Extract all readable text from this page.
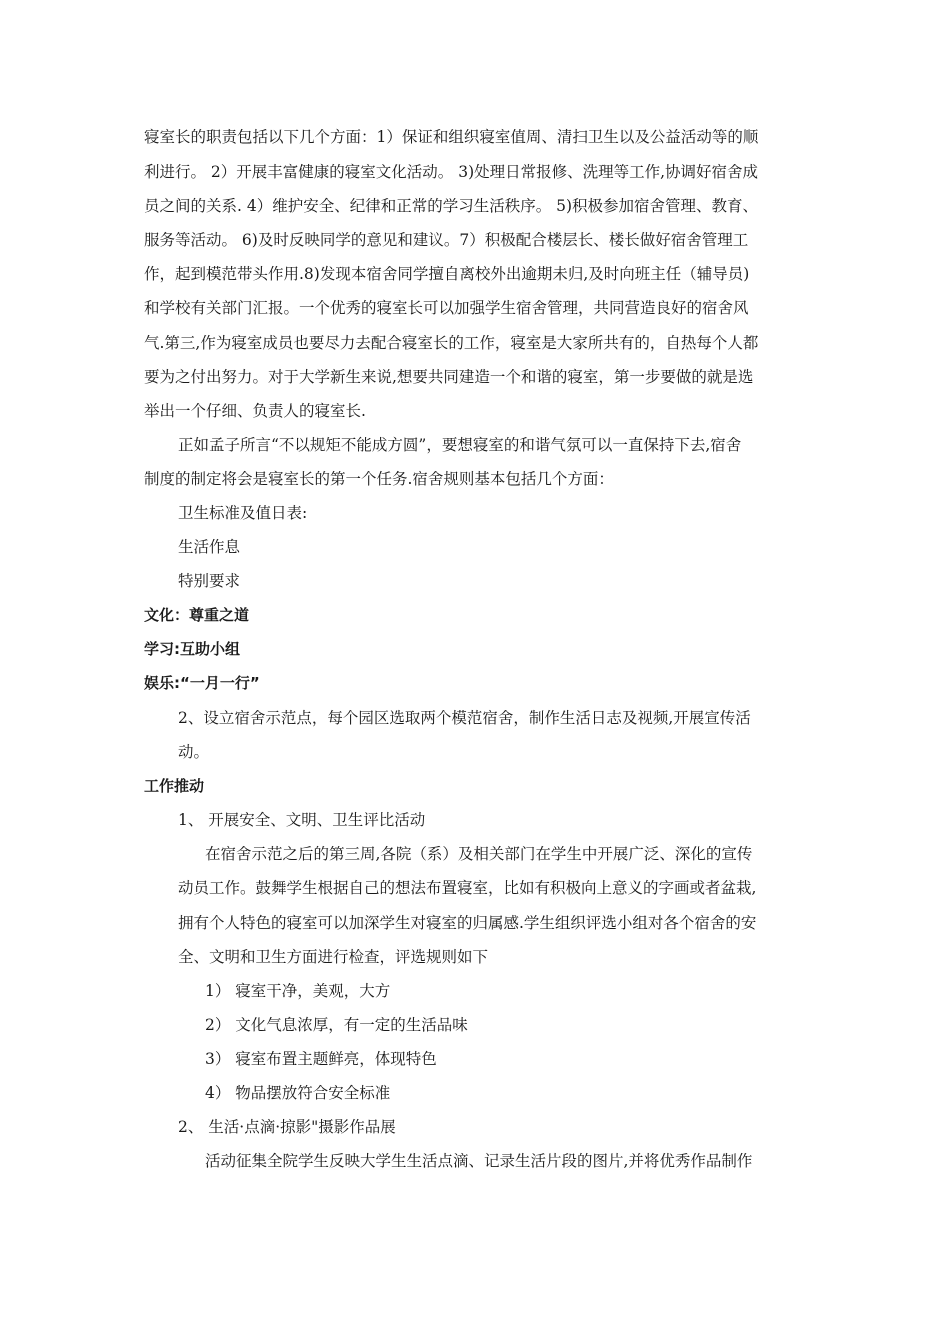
寝室长的职责包括以下几个方面：1）保证和组织寝室值周、清扫卫生以及公益活动等的顺
利进行。 2）开展丰富健康的寝室文化活动。 3)处理日常报修、洗理等工作,协调好宿舍成
员之间的关系. 4）维护安全、纪律和正常的学习生活秩序。 5)积极参加宿舍管理、教育、
服务等活动。 6)及时反映同学的意见和建议。7）积极配合楼层长、楼长做好宿舍管理工
作，起到模范带头作用.8)发现本宿舍同学擅自离校外出逾期未归,及时向班主任（辅导员)
和学校有关部门汇报。一个优秀的寝室长可以加强学生宿舍管理，共同营造良好的宿舍风
气.第三,作为寝室成员也要尽力去配合寝室长的工作，寝室是大家所共有的，自热每个人都
要为之付出努力。对于大学新生来说,想要共同建造一个和谐的寝室，第一步要做的就是选
举出一个仔细、负责人的寝室长.
正如孟子所言“不以规矩不能成方圆”，要想寝室的和谐气氛可以一直保持下去,宿舍
制度的制定将会是寝室长的第一个任务.宿舍规则基本包括几个方面：
卫生标准及值日表:
生活作息
特别要求
文化：尊重之道
学习:互助小组
娱乐:“一月一行”
2、设立宿舍示范点，每个园区选取两个模范宿舍，制作生活日志及视频,开展宣传活
动。
工作推动
1、 开展安全、文明、卫生评比活动
在宿舍示范之后的第三周,各院（系）及相关部门在学生中开展广泛、深化的宣传
动员工作。鼓舞学生根据自己的想法布置寝室，比如有积极向上意义的字画或者盆栽,
拥有个人特色的寝室可以加深学生对寝室的归属感.学生组织评选小组对各个宿舍的安
全、文明和卫生方面进行检查，评选规则如下
1） 寝室干净，美观，大方
2） 文化气息浓厚，有一定的生活品味
3） 寝室布置主题鲜亮，体现特色
4） 物品摆放符合安全标准
2、 生活·点滴·掠影"摄影作品展
活动征集全院学生反映大学生生活点滴、记录生活片段的图片,并将优秀作品制作
